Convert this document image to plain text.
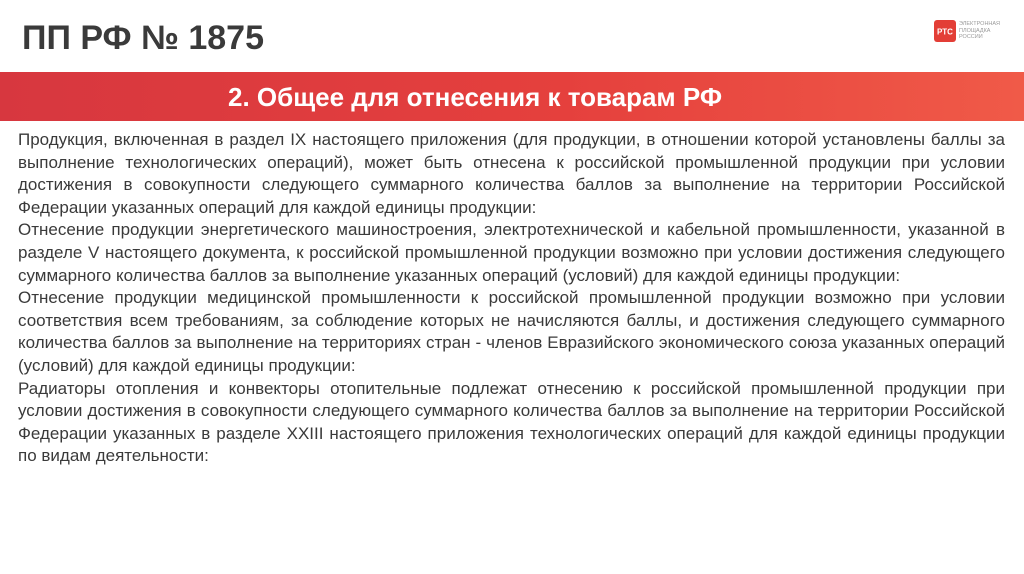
ПП РФ № 1875	РТС
ЭЛЕКТРОННАЯ
ПЛОЩАДКА
РОССИИ
2. Общее для отнесения к товарам РФ

Продукция, включенная в раздел IX настоящего приложения (для продукции, в отношении которой установлены баллы за выполнение технологических операций), может быть отнесена к российской промышленной продукции при условии достижения в совокупности следующего суммарного количества баллов за выполнение на территории Российской Федерации указанных операций для каждой единицы продукции:

Отнесение продукции энергетического машиностроения, электротехнической и кабельной промышленности, указанной в разделе V настоящего документа, к российской промышленной продукции возможно при условии достижения следующего суммарного количества баллов за выполнение указанных операций (условий) для каждой единицы продукции:

Отнесение продукции медицинской промышленности к российской промышленной продукции возможно при условии соответствия всем требованиям, за соблюдение которых не начисляются баллы, и достижения следующего суммарного количества баллов за выполнение на территориях стран - членов Евразийского экономического союза указанных операций (условий) для каждой единицы продукции:

Радиаторы отопления и конвекторы отопительные подлежат отнесению к российской промышленной продукции при условии достижения в совокупности следующего суммарного количества баллов за выполнение на территории Российской Федерации указанных в разделе XXIII настоящего приложения технологических операций для каждой единицы продукции по видам деятельности:
